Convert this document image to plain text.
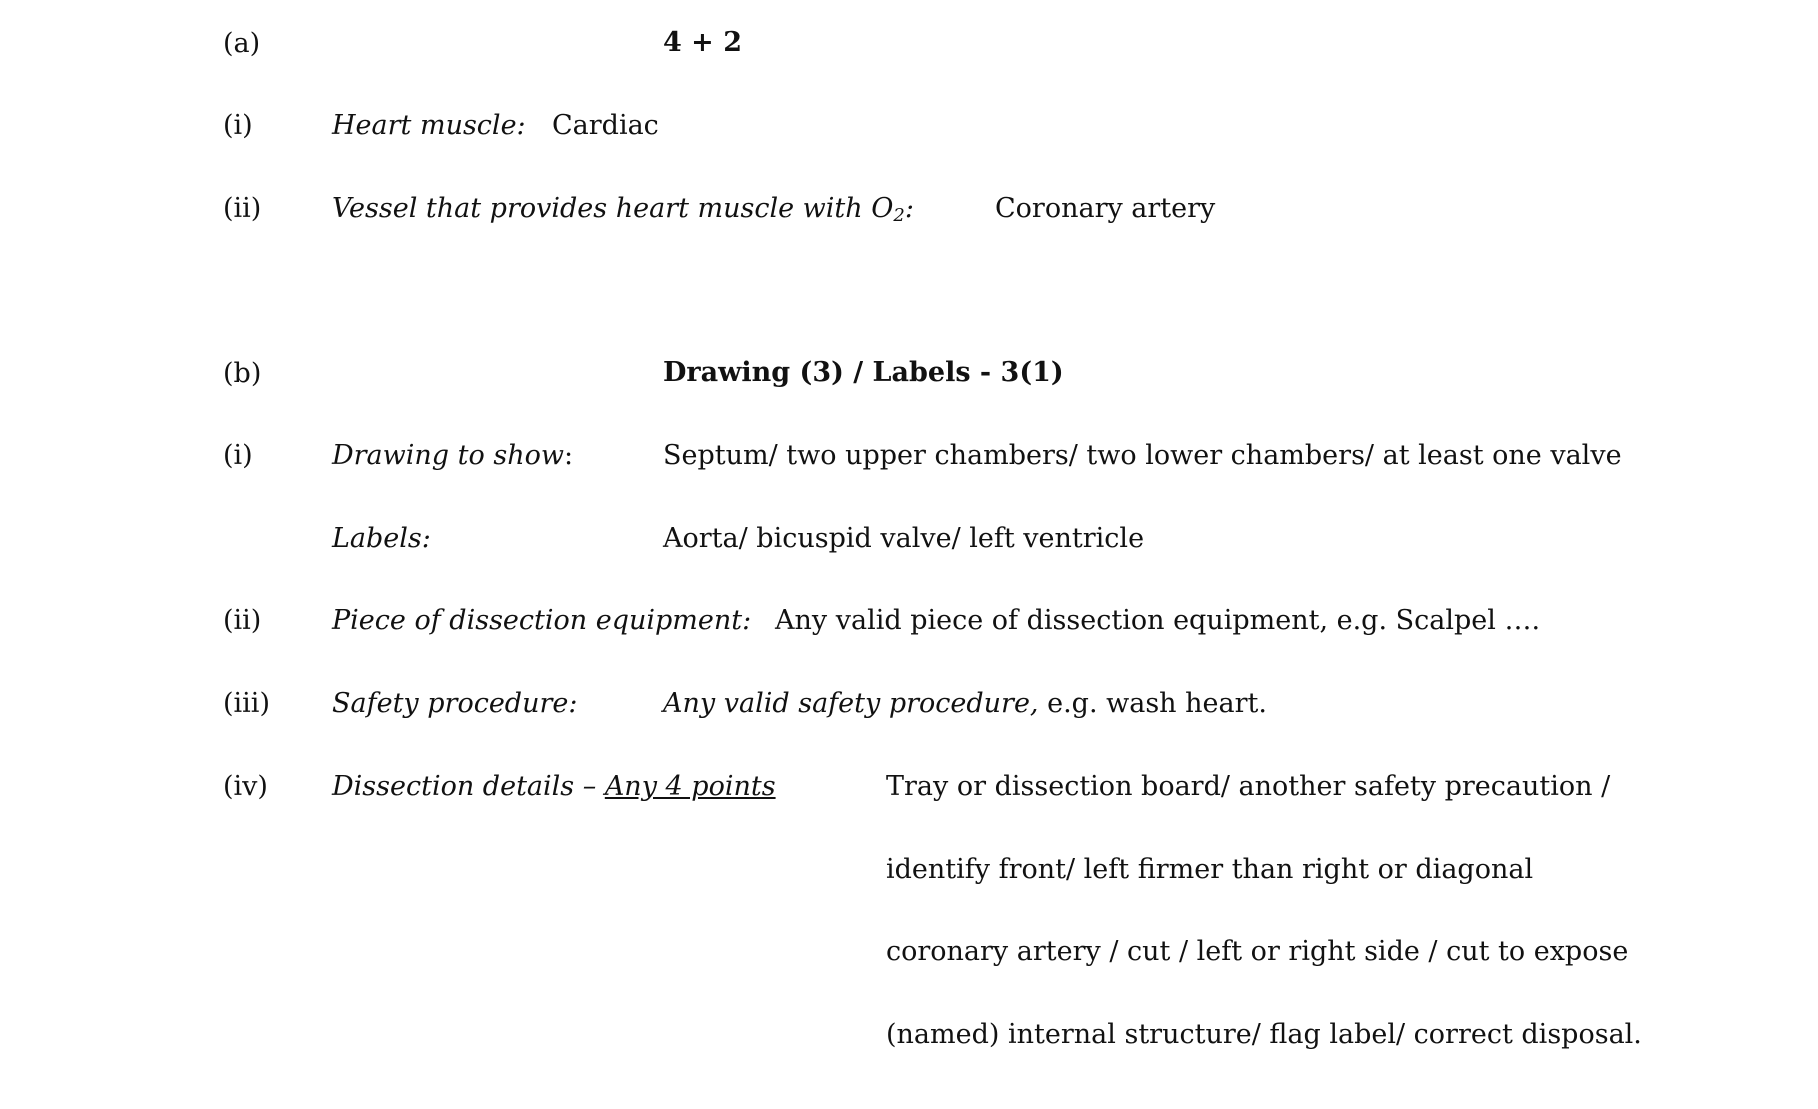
(a)	4 + 2
(i)	Heart muscle: Cardiac
(ii)	Vessel that provides heart muscle with $O_2$:	Coronary artery
(b)	Drawing (3) / Labels - 3(1)
(i)	Drawing to show:	Septum/ two upper chambers/ two lower chambers/ at least one valve
Labels:	Aorta/ bicuspid valve/ left ventricle
(ii)	Piece of dissection equipment: Any valid piece of dissection equipment, e.g. Scalpel ….
(iii) Safety procedure:	Any valid safety procedure, e.g. wash heart.
(iv) Dissection details – Any 4 points	Tray or dissection board/ another safety precaution /
identify front/ left firmer than right or diagonal
coronary artery / cut / left or right side / cut to expose
(named) internal structure/ flag label/ correct disposal.
